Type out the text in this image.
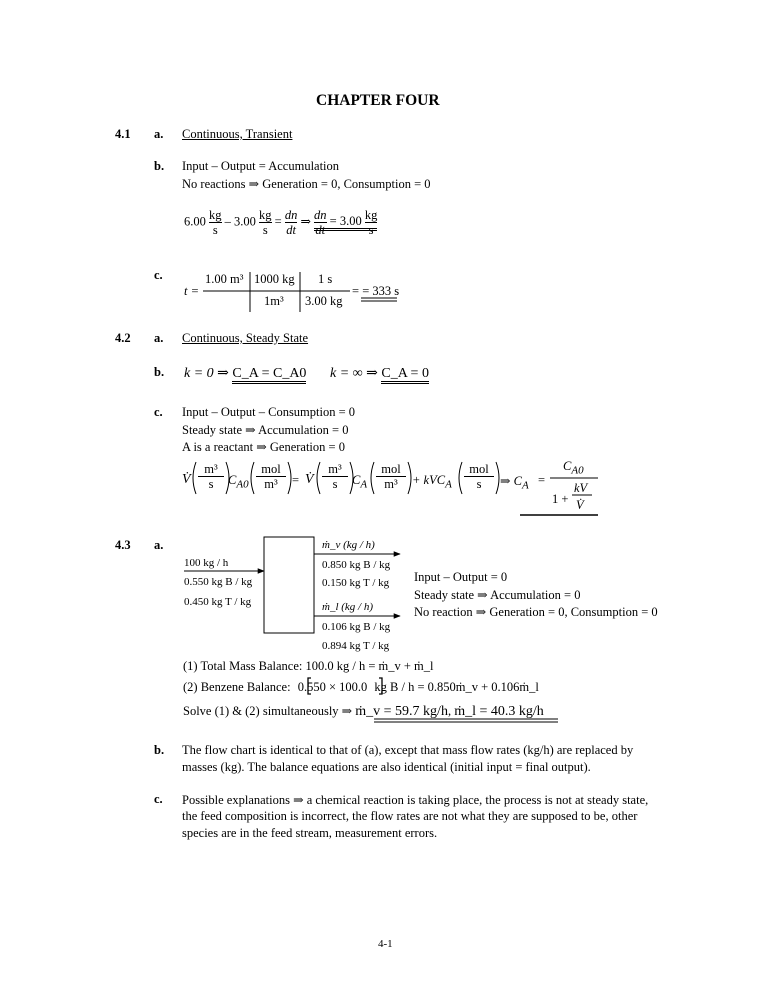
CHAPTER FOUR
4.1 a. Continuous, Transient
b. Input – Output = Accumulation
No reactions ⇒ Generation = 0, Consumption = 0
$6.00 \frac{kg}{s} - 3.00 \frac{kg}{s} = \frac{dn}{dt}$ ⇒ $\frac{dn}{dt} = 3.00 \frac{kg}{s}$
c.
t =
1.00 m³ 1000 kg 1 s
1m³ 3.00 kg
= = 333 s
4.2 a. Continuous, Steady State
b. k = 0 ⇒ C_A = C_A0 k = ∞ ⇒ C_A = 0
c. Input – Output – Consumption = 0
Steady state ⇒ Accumulation = 0
A is a reactant ⇒ Generation = 0
V̇ $\frac{\text{m³}}{s} C_{A0} \frac{\text{mol}}{\text{m³}}$ = V̇ $\frac{\text{m³}}{s} C_A \frac{\text{mol}}{\text{m³}} + kVC_A \frac{\text{mol}}{s}$ ⇒ $C_A$ =
$C_{A0}$
1 +
kV
V̇
4.3 a.
100 kg / h
0.550 kg B / kg
0.450 kg T / kg
ṁ_v (kg / h)
0.850 kg B / kg
0.150 kg T / kg
ṁ_l (kg / h)
0.106 kg B / kg
0.894 kg T / kg
Input – Output = 0
Steady state ⇒ Accumulation = 0
No reaction ⇒ Generation = 0, Consumption = 0
(1) Total Mass Balance: 100.0 kg / h = ṁ_v + ṁ_l
(2) Benzene Balance: 0.550 × 100.0 kg B / h = 0.850ṁ_v + 0.106ṁ_l
Solve (1) & (2) simultaneously ⇒ ṁ_v = 59.7 kg/h, ṁ_l = 40.3 kg/h
b. The flow chart is identical to that of (a), except that mass flow rates (kg/h) are replaced by
masses (kg). The balance equations are also identical (initial input = final output).
c. Possible explanations ⇒ a chemical reaction is taking place, the process is not at steady state,
the feed composition is incorrect, the flow rates are not what they are supposed to be, other
species are in the feed stream, measurement errors.
4-1
